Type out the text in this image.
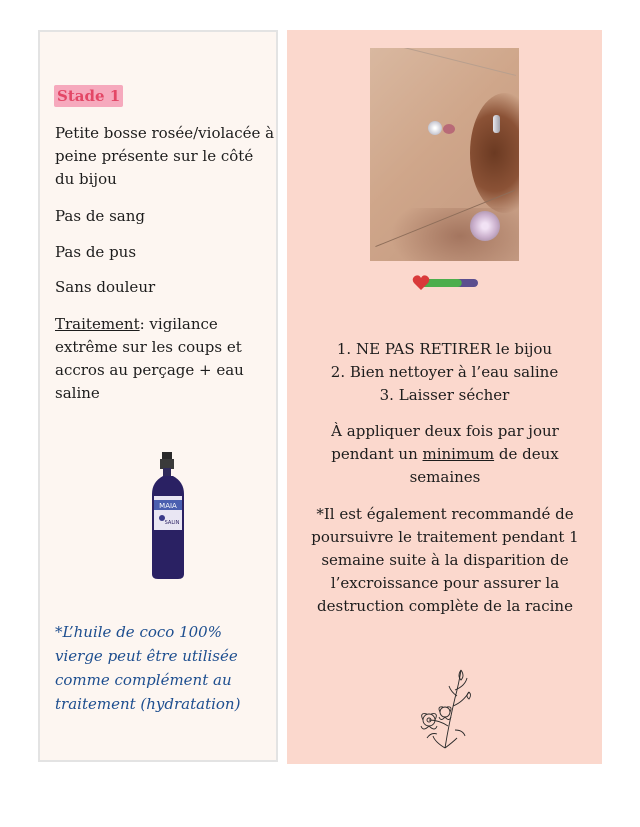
Stade 1

Petite bosse rosée/violacée à peine présente sur le côté du bijou

Pas de sang

Pas de pus

Sans douleur

Traitement: vigilance extrême sur les coups et accros au perçage + eau saline

MAIA
SALIN

*L’huile de coco 100% vierge peut être utilisée comme complément au traitement (hydratation)

1. NE PAS RETIRER le bijou
2. Bien nettoyer à l’eau saline
3. Laisser sécher

À appliquer deux fois par jour pendant un minimum de deux semaines

*Il est également recommandé de poursuivre le traitement pendant 1 semaine suite à la disparition de l’excroissance pour assurer la destruction complète de la racine
